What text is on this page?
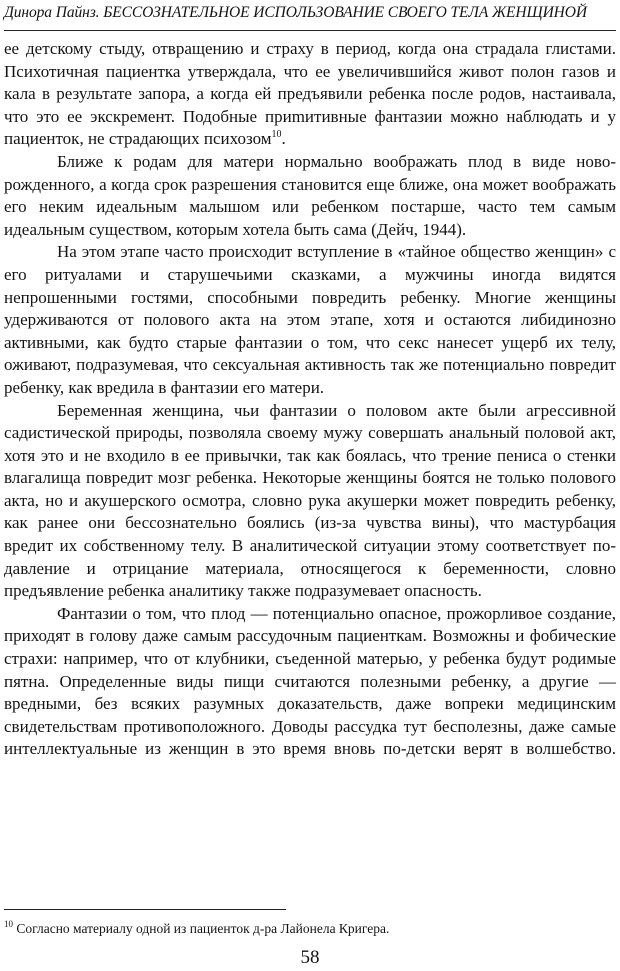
Динора Пайнз. БЕССОЗНАТЕЛЬНОЕ ИСПОЛЬЗОВАНИЕ СВОЕГО ТЕЛА ЖЕНЩИНОЙ

ее детскому стыду, отвращению и страху в период, когда она страдала глистами. Психотичная пациентка утверждала, что ее увеличившийся живот полон газов и кала в результате запора, а когда ей предъявили ребенка после родов, настаивала, что это ее экскремент. Подобные приmитивные фантазии можно наблюдать и у пациенток, не страдающих психозом$^{10}$.

Ближе к родам для матери нормально воображать плод в виде новорожденного, а когда срок разрешения становится еще ближе, она может воображать его неким идеальным малышом или ребенком постарше, часто тем самым идеальным существом, которым хотела быть сама (Дейч, 1944).

На этом этапе часто происходит вступление в «тайное общество женщин» с его ритуалами и старушечьими сказками, а мужчины иногда видятся непрошенными гостями, способными повредить ребенку. Многие женщины удерживаются от полового акта на этом этапе, хотя и остаются либидинозно активными, как будто старые фантазии о том, что секс нанесет ущерб их телу, оживают, подразумевая, что сексуальная активность так же потенциально повредит ребенку, как вредила в фантазии его матери.

Беременная женщина, чьи фантазии о половом акте были агрессивной садистической природы, позволяла своему мужу совершать анальный половой акт, хотя это и не входило в ее привычки, так как боялась, что трение пениса о стенки влагалища повредит мозг ребенка. Некоторые женщины боятся не только полового акта, но и акушерского осмотра, словно рука акушерки может повредить ребенку, как ранее они бессознательно боялись (из-за чувства вины), что мастурбация вредит их собственному телу. В аналитической ситуации этому соответствует подавление и отрицание материала, относящегося к беременности, словно предъявление ребенка аналитику также подразумевает опасность.

Фантазии о том, что плод — потенциально опасное, прожорливое создание, приходят в голову даже самым рассудочным пациенткам. Возможны и фобические страхи: например, что от клубники, съеденной матерью, у ребенка будут родимые пятна. Определенные виды пищи считаются полезными ребенку, а другие — вредными, без всяких разумных доказательств, даже вопреки медицинским свидетельствам противоположного. Доводы рассудка тут бесполезны, даже самые интеллектуальные из женщин в это время вновь по-детски верят в волшебство.

$^{10}$ Согласно материалу одной из пациенток д-ра Лайонела Кригера.
58
